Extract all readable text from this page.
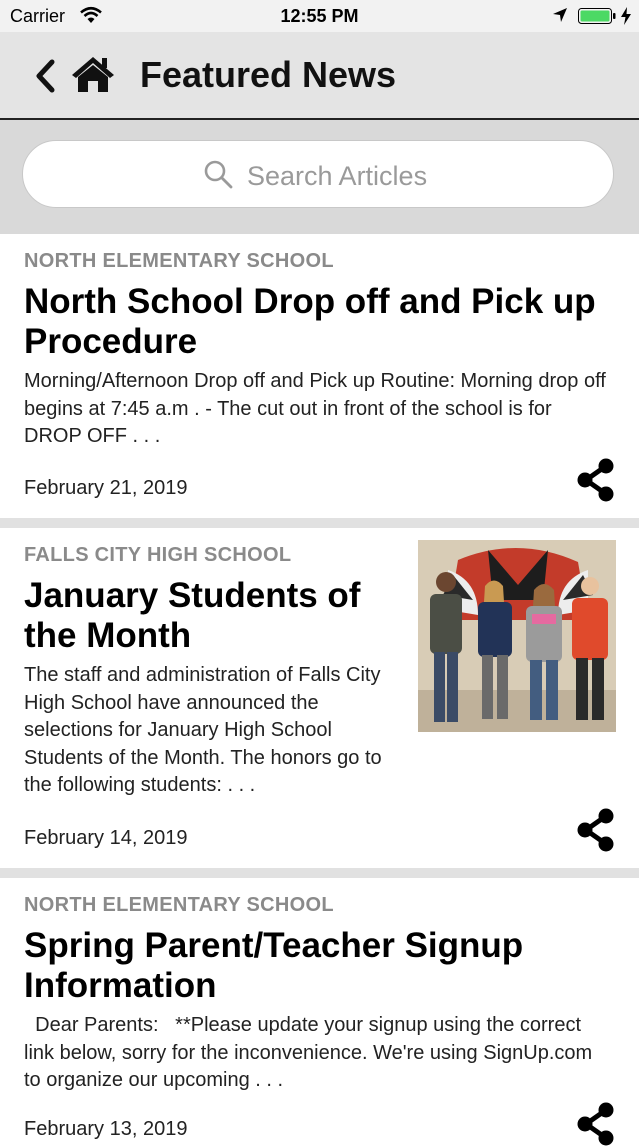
Carrier	12:55 PM
Featured News
Search Articles
NORTH ELEMENTARY SCHOOL
North School Drop off and Pick up Procedure

Morning/Afternoon Drop off and Pick up Routine: Morning drop off begins at 7:45 a.m . - The cut out in front of the school is for DROP OFF . . .

February 21, 2019
FALLS CITY HIGH SCHOOL
January Students of the Month

The staff and administration of Falls City High School have announced the selections for January High School Students of the Month. The honors go to the following students: . . .

February 14, 2019
NORTH ELEMENTARY SCHOOL
Spring Parent/Teacher Signup Information

Dear Parents:   **Please update your signup using the correct link below, sorry for the inconvenience. We're using SignUp.com to organize our upcoming . . .

February 13, 2019
